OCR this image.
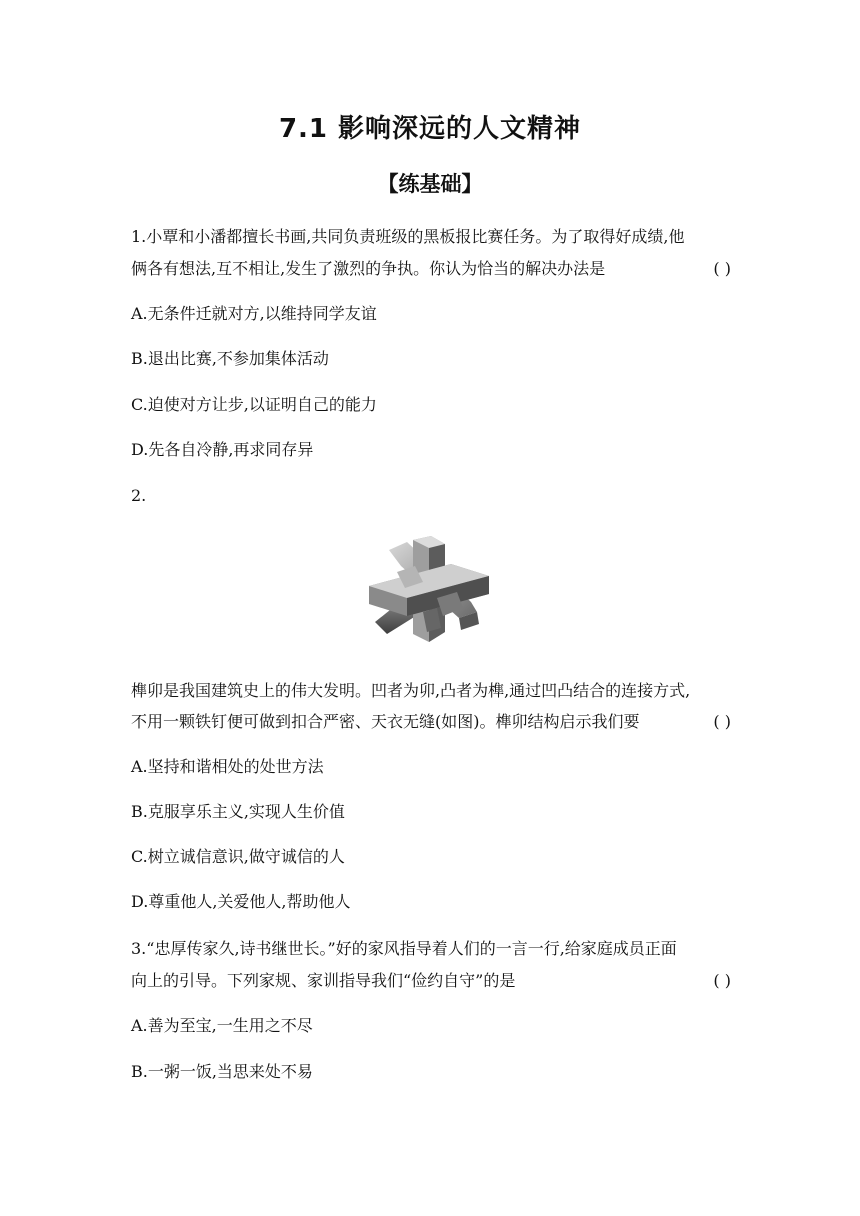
7.1 影响深远的人文精神
【练基础】
1.小覃和小潘都擅长书画,共同负责班级的黑板报比赛任务。为了取得好成绩,他
俩各有想法,互不相让,发生了激烈的争执。你认为恰当的解决办法是	( )
A.无条件迁就对方,以维持同学友谊
B.退出比赛,不参加集体活动
C.迫使对方让步,以证明自己的能力
D.先各自冷静,再求同存异
2.
榫卯是我国建筑史上的伟大发明。凹者为卯,凸者为榫,通过凹凸结合的连接方式,
不用一颗铁钉便可做到扣合严密、天衣无缝(如图)。榫卯结构启示我们要	( )
A.坚持和谐相处的处世方法
B.克服享乐主义,实现人生价值
C.树立诚信意识,做守诚信的人
D.尊重他人,关爱他人,帮助他人
3.“忠厚传家久,诗书继世长。”好的家风指导着人们的一言一行,给家庭成员正面
向上的引导。下列家规、家训指导我们“俭约自守”的是	( )
A.善为至宝,一生用之不尽
B.一粥一饭,当思来处不易
